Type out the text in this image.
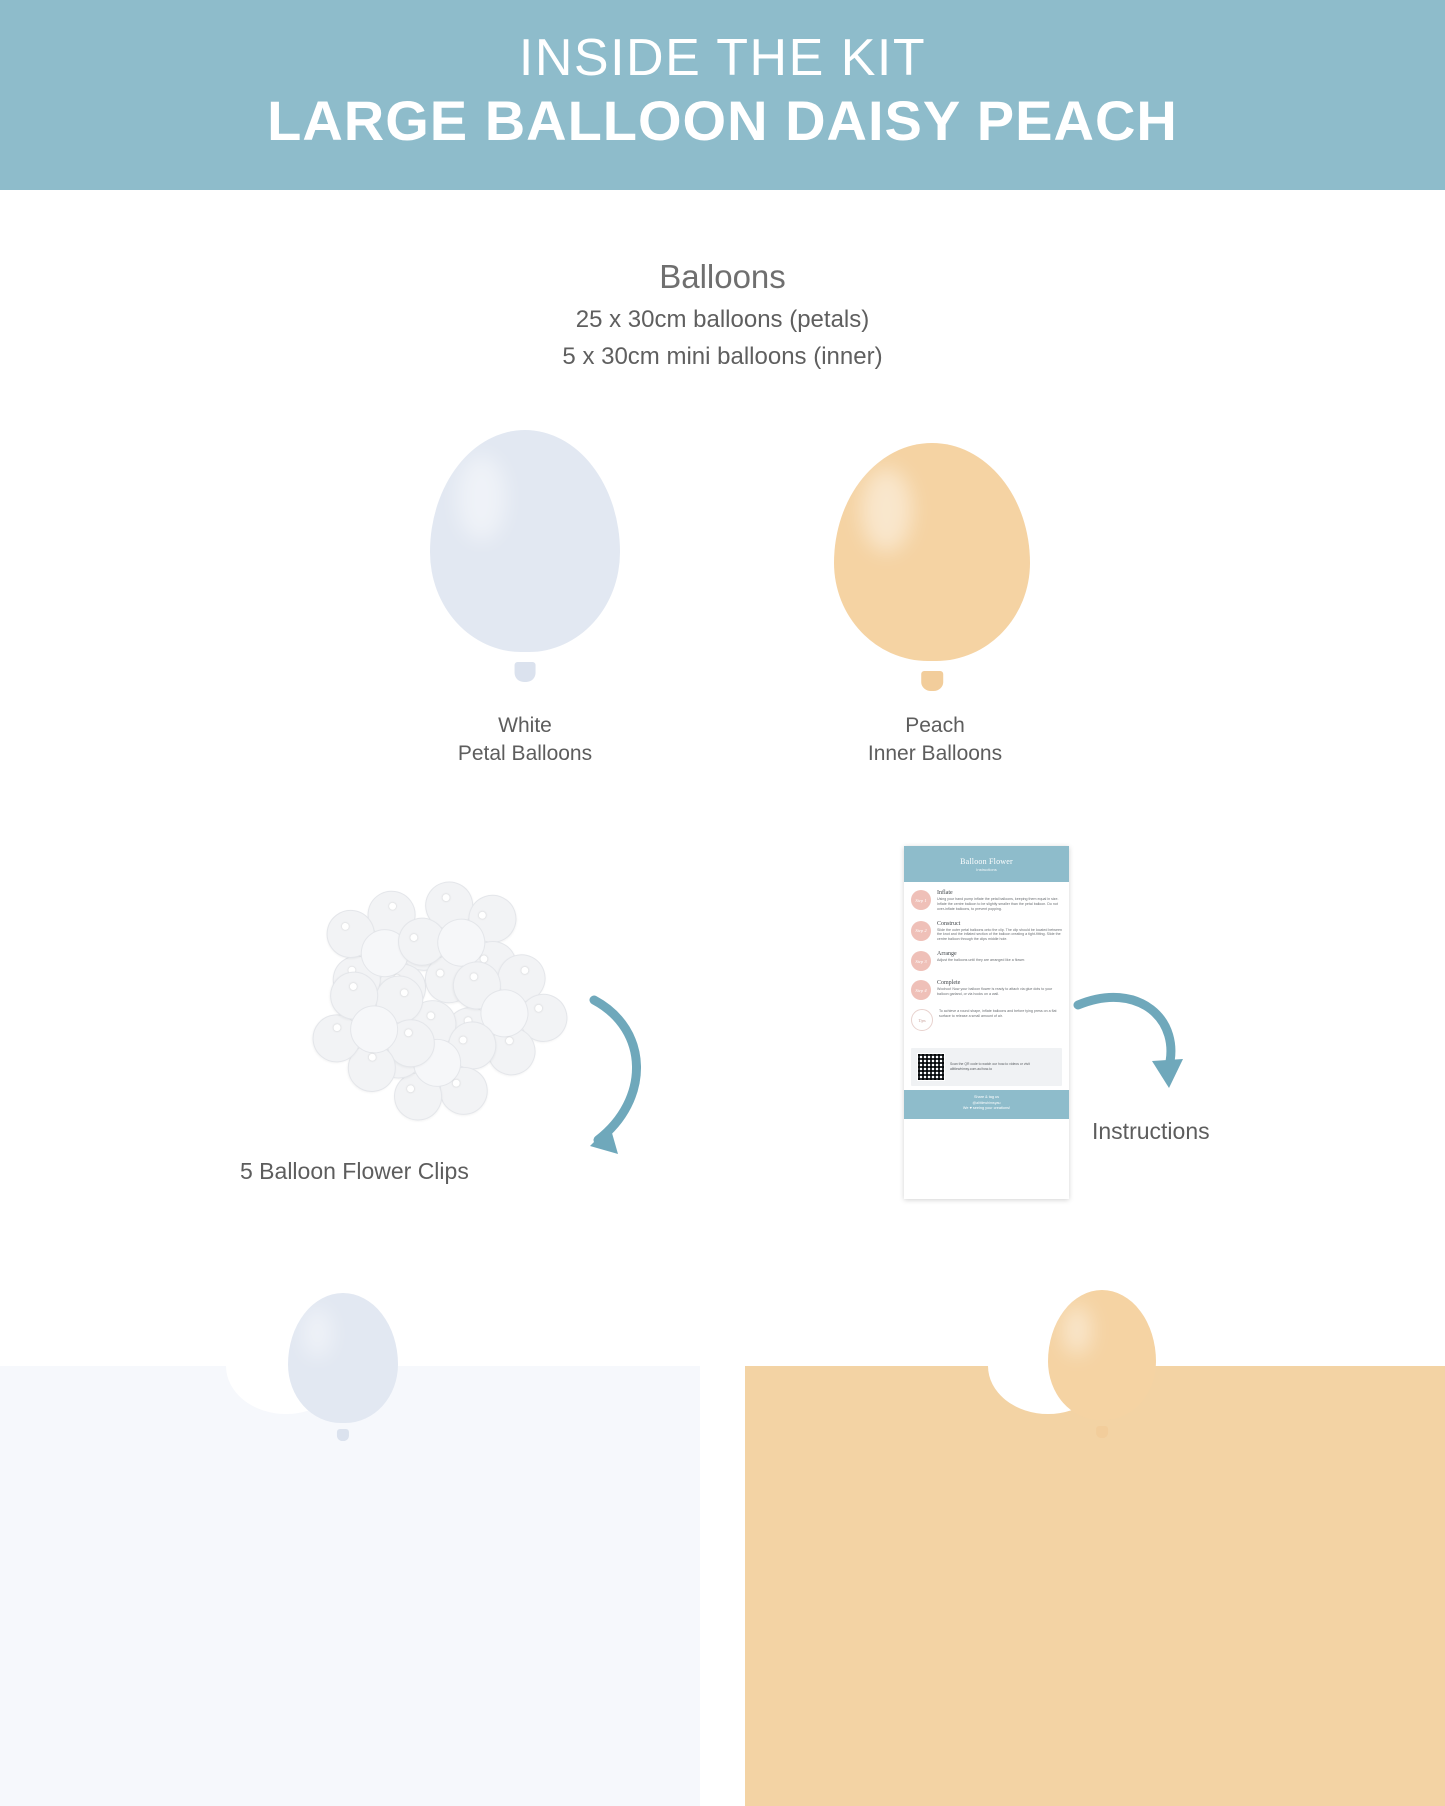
INSIDE THE KIT
LARGE BALLOON DAISY PEACH
Balloons
25 x 30cm balloons (petals)
5 x 30cm mini balloons (inner)
White
Petal Balloons
Peach
Inner Balloons
5 Balloon Flower Clips
Balloon Flower
Instructions
Step 1
Inflate
Using your hand pump inflate the petal balloons, keeping them equal in size. Inflate the centre balloon to be slightly smaller than the petal balloon. Do not over-inflate balloons, to prevent popping.
Step 2
Construct
Slide the outer petal balloons onto the clip. The clip should be located between the knot and the inflated section of the balloon creating a tight-fitting. Slide the centre balloon through the clips middle hole.
Step 3
Arrange
Adjust the balloons until they are arranged like a flower.
Step 4
Complete
Woohoo! Now your balloon flower is ready to attach via glue dots to your balloon garland, or via hooks on a wall.
Tips
To achieve a round shape, inflate balloons and before tying press on a flat surface to release a small amount of air.
Scan the QR code to watch our how-to videos or visit alittlewhimsy.com.au/how-to
Share & tag us
@alittlewhimsyau
We ♥ seeing your creations!
Instructions
